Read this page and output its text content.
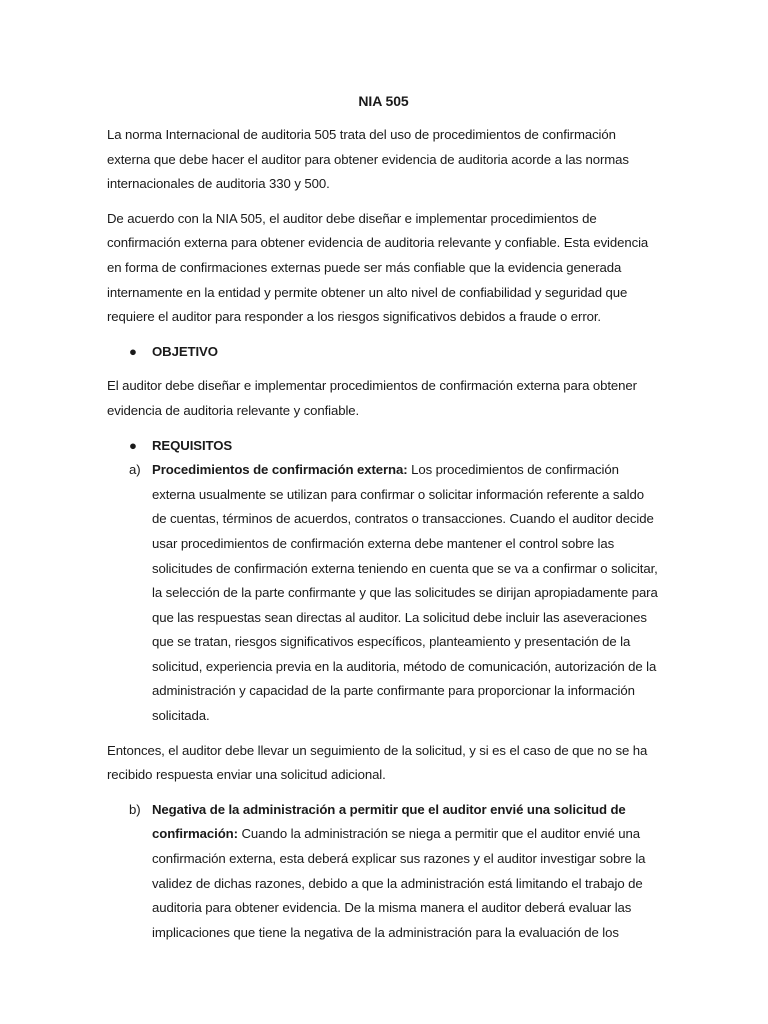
NIA 505

La norma Internacional de auditoria 505 trata del uso de procedimientos de confirmación externa que debe hacer el auditor para obtener evidencia de auditoria acorde a las normas internacionales de auditoria 330 y 500.

De acuerdo con la NIA 505, el auditor debe diseñar e implementar procedimientos de confirmación externa para obtener evidencia de auditoria relevante y confiable. Esta evidencia en forma de confirmaciones externas puede ser más confiable que la evidencia generada internamente en la entidad y permite obtener un alto nivel de confiabilidad y seguridad que requiere el auditor para responder a los riesgos significativos debidos a fraude o error.

● OBJETIVO

El auditor debe diseñar e implementar procedimientos de confirmación externa para obtener evidencia de auditoria relevante y confiable.

● REQUISITOS
a) Procedimientos de confirmación externa: Los procedimientos de confirmación externa usualmente se utilizan para confirmar o solicitar información referente a saldo de cuentas, términos de acuerdos, contratos o transacciones. Cuando el auditor decide usar procedimientos de confirmación externa debe mantener el control sobre las solicitudes de confirmación externa teniendo en cuenta que se va a confirmar o solicitar, la selección de la parte confirmante y que las solicitudes se dirijan apropiadamente para que las respuestas sean directas al auditor. La solicitud debe incluir las aseveraciones que se tratan, riesgos significativos específicos, planteamiento y presentación de la solicitud, experiencia previa en la auditoria, método de comunicación, autorización de la administración y capacidad de la parte confirmante para proporcionar la información solicitada.

Entonces, el auditor debe llevar un seguimiento de la solicitud, y si es el caso de que no se ha recibido respuesta enviar una solicitud adicional.

b) Negativa de la administración a permitir que el auditor envié una solicitud de confirmación: Cuando la administración se niega a permitir que el auditor envié una confirmación externa, esta deberá explicar sus razones y el auditor investigar sobre la validez de dichas razones, debido a que la administración está limitando el trabajo de auditoria para obtener evidencia. De la misma manera el auditor deberá evaluar las implicaciones que tiene la negativa de la administración para la evaluación de los
